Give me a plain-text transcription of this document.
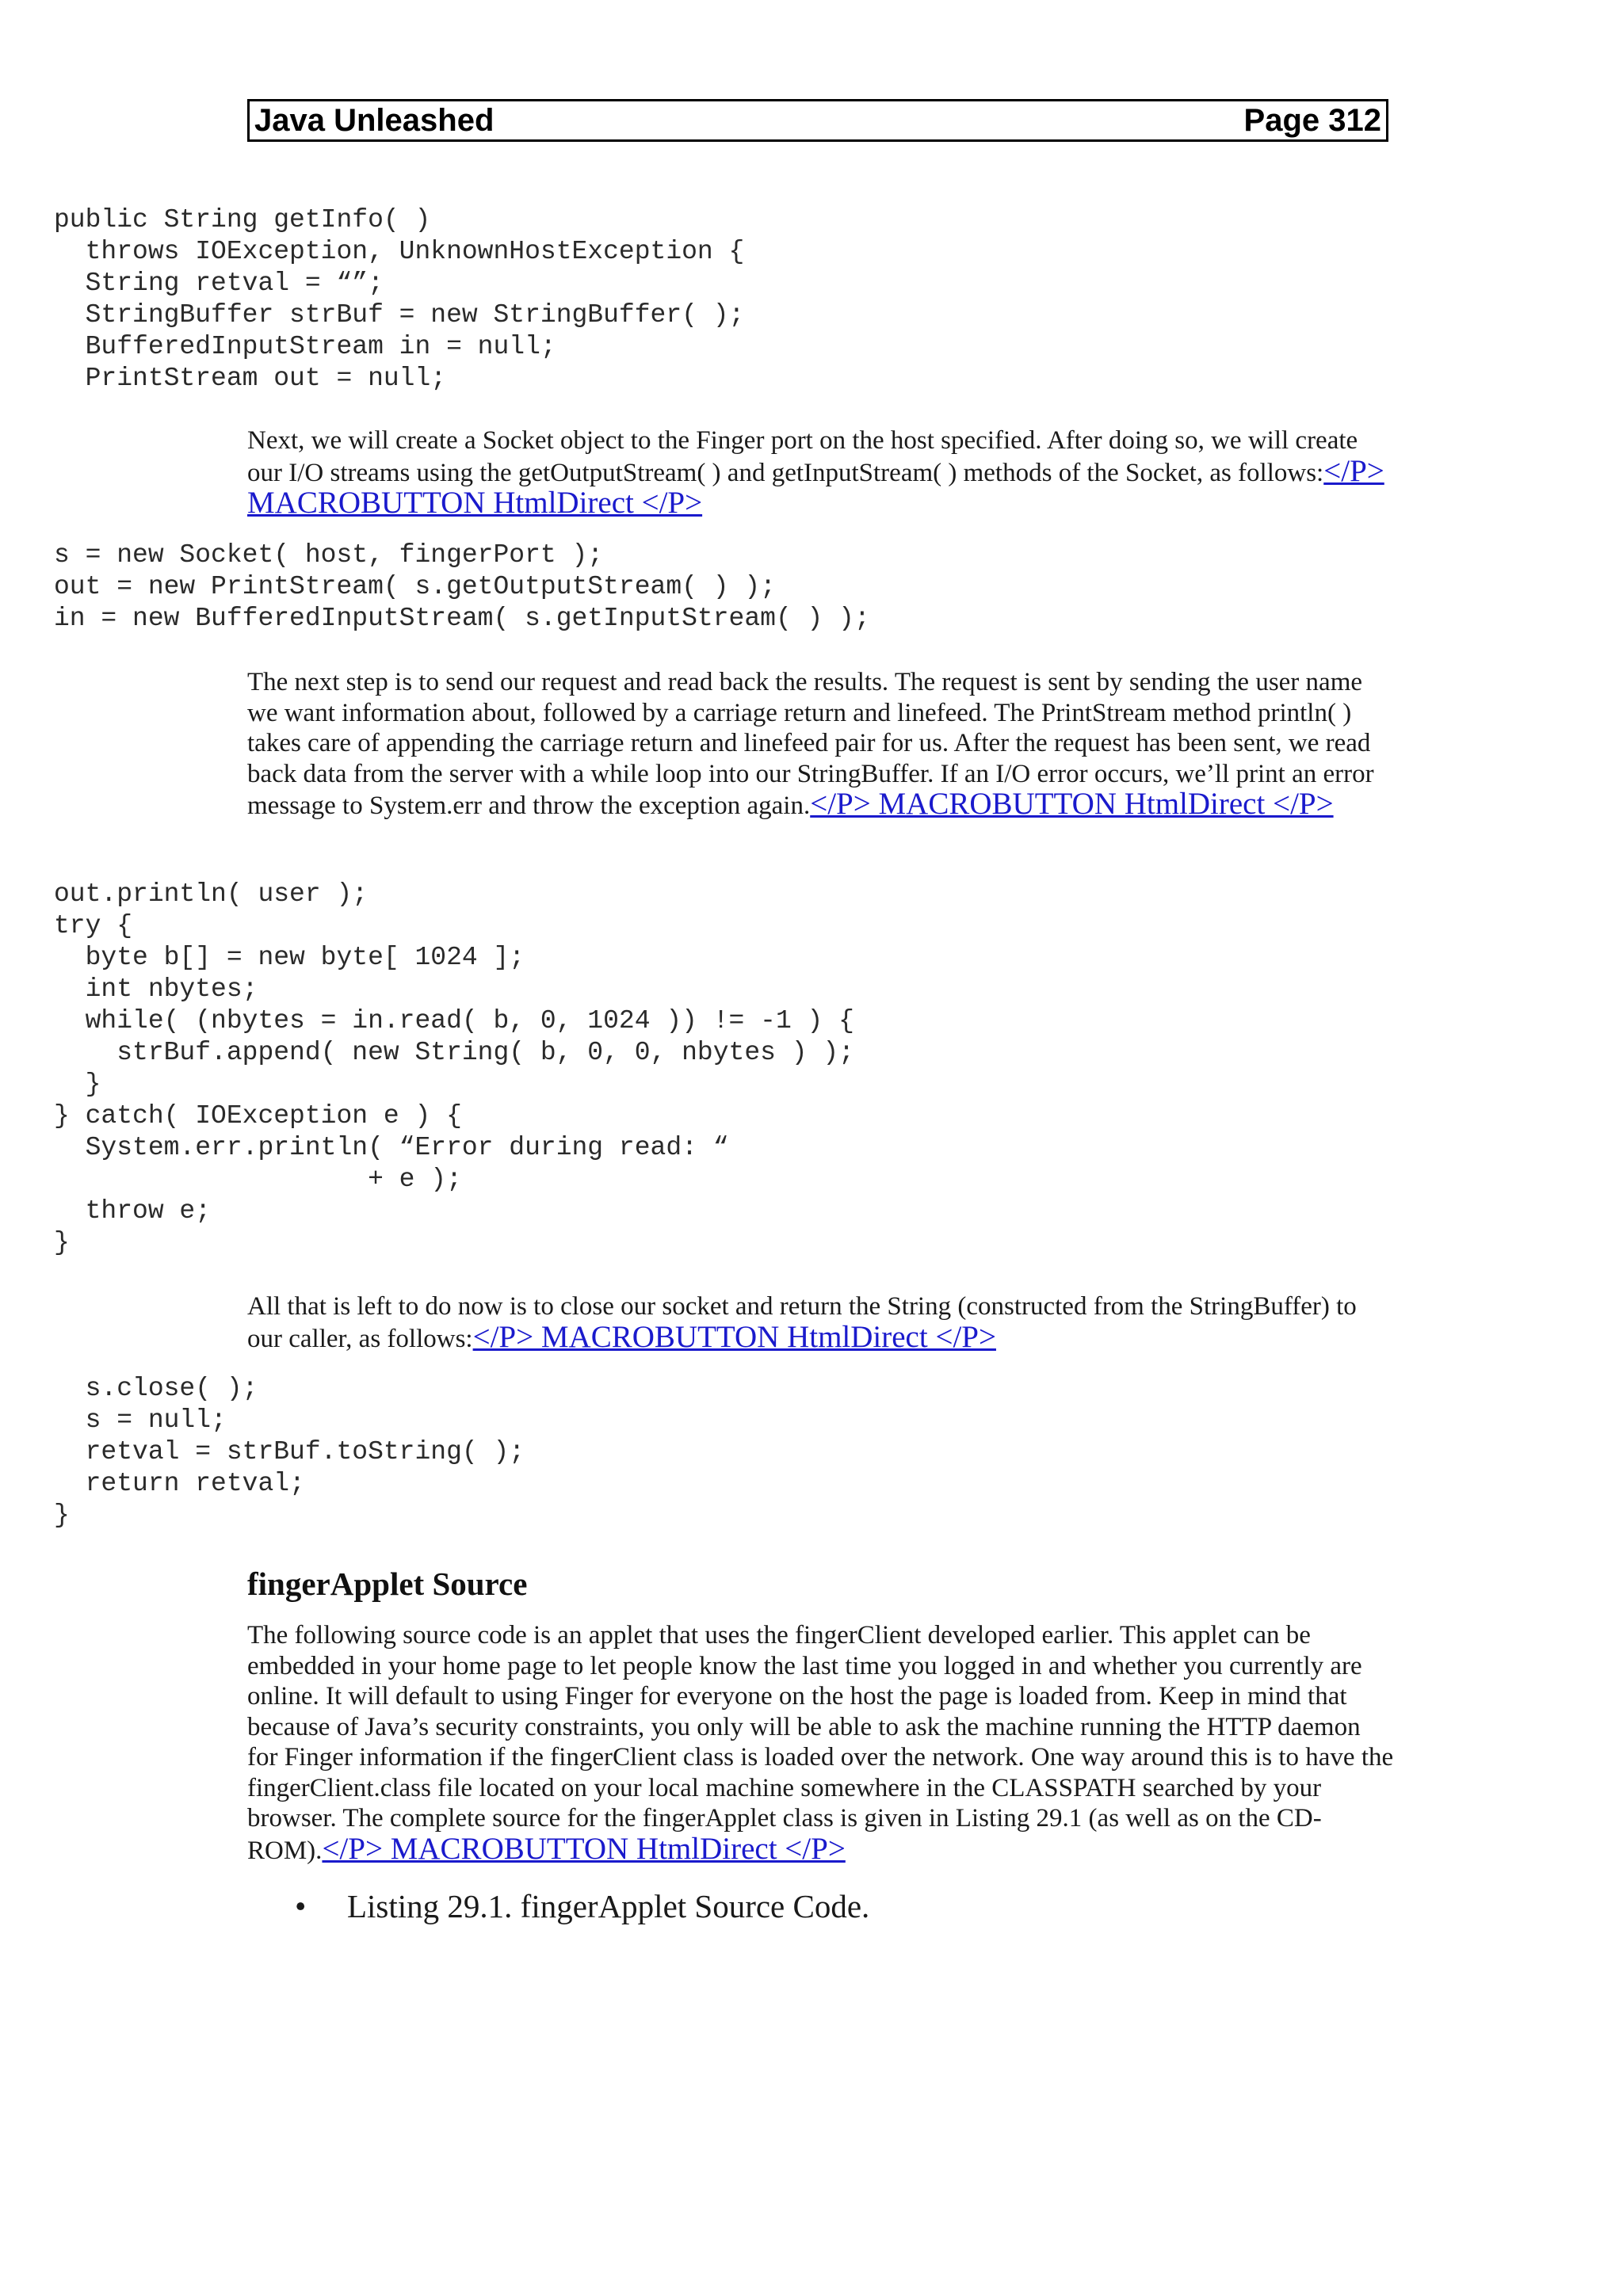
Java Unleashed	Page 312
public String getInfo( )
throws IOException, UnknownHostException {
String retval = “”;
StringBuffer strBuf = new StringBuffer( );
BufferedInputStream in = null;
PrintStream out = null;

Next, we will create a Socket object to the Finger port on the host specified. After doing so, we will create our I/O streams using the getOutputStream( ) and getInputStream( ) methods of the Socket, as follows:</P> MACROBUTTON HtmlDirect </P>

s = new Socket( host, fingerPort );
out = new PrintStream( s.getOutputStream( ) );
in = new BufferedInputStream( s.getInputStream( ) );

The next step is to send our request and read back the results. The request is sent by sending the user name we want information about, followed by a carriage return and linefeed. The PrintStream method println( ) takes care of appending the carriage return and linefeed pair for us. After the request has been sent, we read back data from the server with a while loop into our StringBuffer. If an I/O error occurs, we’ll print an error message to System.err and throw the exception again.</P> MACROBUTTON HtmlDirect </P>

out.println( user );
try {
byte b[] = new byte[ 1024 ];
int nbytes;
while( (nbytes = in.read( b, 0, 1024 )) != -1 ) {
strBuf.append( new String( b, 0, 0, nbytes ) );
}
} catch( IOException e ) {
System.err.println( “Error during read: “
+ e );
throw e;
}

All that is left to do now is to close our socket and return the String (constructed from the StringBuffer) to our caller, as follows:</P> MACROBUTTON HtmlDirect </P>

s.close( );
s = null;
retval = strBuf.toString( );
return retval;
}
fingerApplet Source

The following source code is an applet that uses the fingerClient developed earlier. This applet can be embedded in your home page to let people know the last time you logged in and whether you currently are online. It will default to using Finger for everyone on the host the page is loaded from. Keep in mind that because of Java’s security constraints, you only will be able to ask the machine running the HTTP daemon for Finger information if the fingerClient class is loaded over the network. One way around this is to have the fingerClient.class file located on your local machine somewhere in the CLASSPATH searched by your browser. The complete source for the fingerApplet class is given in Listing 29.1 (as well as on the CD-ROM).</P> MACROBUTTON HtmlDirect </P>

•	Listing 29.1. fingerApplet Source Code.
